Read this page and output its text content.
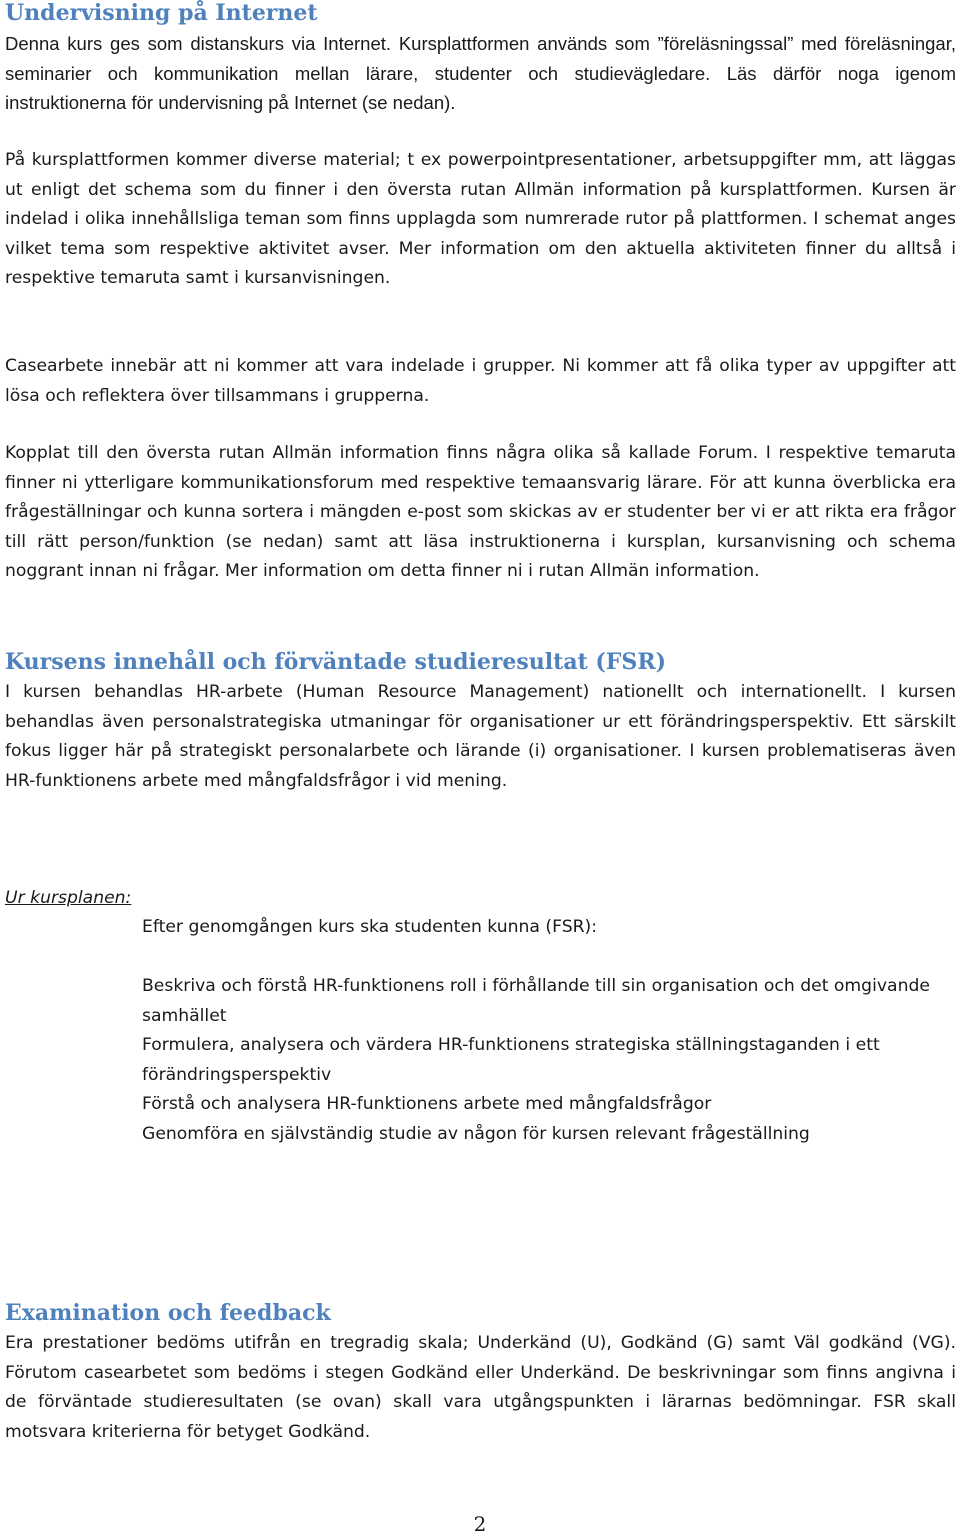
Undervisning på Internet

Denna kurs ges som distanskurs via Internet. Kursplattformen används som ”föreläsningssal” med föreläsningar, seminarier och kommunikation mellan lärare, studenter och studievägledare. Läs därför noga igenom instruktionerna för undervisning på Internet (se nedan).

På kursplattformen kommer diverse material; t ex powerpointpresentationer, arbetsuppgifter mm, att läggas ut enligt det schema som du finner i den översta rutan Allmän information på kursplattformen. Kursen är indelad i olika innehållsliga teman som finns upplagda som numrerade rutor på plattformen. I schemat anges vilket tema som respektive aktivitet avser. Mer information om den aktuella aktiviteten finner du alltså i respektive temaruta samt i kursanvisningen.

Casearbete innebär att ni kommer att vara indelade i grupper. Ni kommer att få olika typer av uppgifter att lösa och reflektera över tillsammans i grupperna.

Kopplat till den översta rutan Allmän information finns några olika så kallade Forum. I respektive temaruta finner ni ytterligare kommunikationsforum med respektive temaansvarig lärare. För att kunna överblicka era frågeställningar och kunna sortera i mängden e-post som skickas av er studenter ber vi er att rikta era frågor till rätt person/funktion (se nedan) samt att läsa instruktionerna i kursplan, kursanvisning och schema noggrant innan ni frågar. Mer information om detta finner ni i rutan Allmän information.

Kursens innehåll och förväntade studieresultat (FSR)

I kursen behandlas HR-arbete (Human Resource Management) nationellt och internationellt. I kursen behandlas även personalstrategiska utmaningar för organisationer ur ett förändringsperspektiv. Ett särskilt fokus ligger här på strategiskt personalarbete och lärande (i) organisationer. I kursen problematiseras även HR-funktionens arbete med mångfaldsfrågor i vid mening.

Ur kursplanen:

Efter genomgången kurs ska studenten kunna (FSR):

Beskriva och förstå HR-funktionens roll i förhållande till sin organisation och det omgivande samhället

Formulera, analysera och värdera HR-funktionens strategiska ställningstaganden i ett förändringsperspektiv

Förstå och analysera HR-funktionens arbete med mångfaldsfrågor

Genomföra en självständig studie av någon för kursen relevant frågeställning

Examination och feedback

Era prestationer bedöms utifrån en tregradig skala; Underkänd (U), Godkänd (G) samt Väl godkänd (VG). Förutom casearbetet som bedöms i stegen Godkänd eller Underkänd. De beskrivningar som finns angivna i de förväntade studieresultaten (se ovan) skall vara utgångspunkten i lärarnas bedömningar. FSR skall motsvara kriterierna för betyget Godkänd.

2
